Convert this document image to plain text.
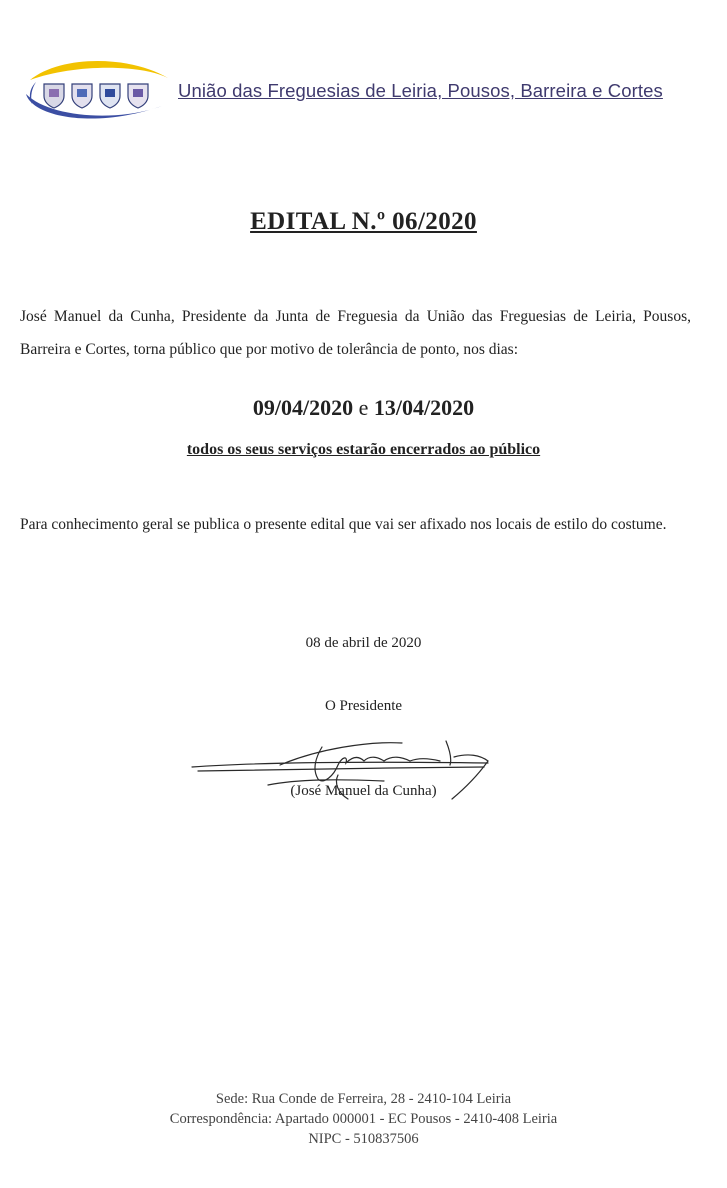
União das Freguesias de Leiria, Pousos, Barreira e Cortes
EDITAL N.º 06/2020
José Manuel da Cunha, Presidente da Junta de Freguesia da União das Freguesias de Leiria, Pousos, Barreira e Cortes, torna público que por motivo de tolerância de ponto, nos dias:
09/04/2020 e 13/04/2020
todos os seus serviços estarão encerrados ao público
Para conhecimento geral se publica o presente edital que vai ser afixado nos locais de estilo do costume.
08 de abril de 2020
O Presidente
(José Manuel da Cunha)
Sede: Rua Conde de Ferreira, 28 - 2410-104 Leiria
Correspondência: Apartado 000001 - EC Pousos - 2410-408 Leiria
NIPC - 510837506
